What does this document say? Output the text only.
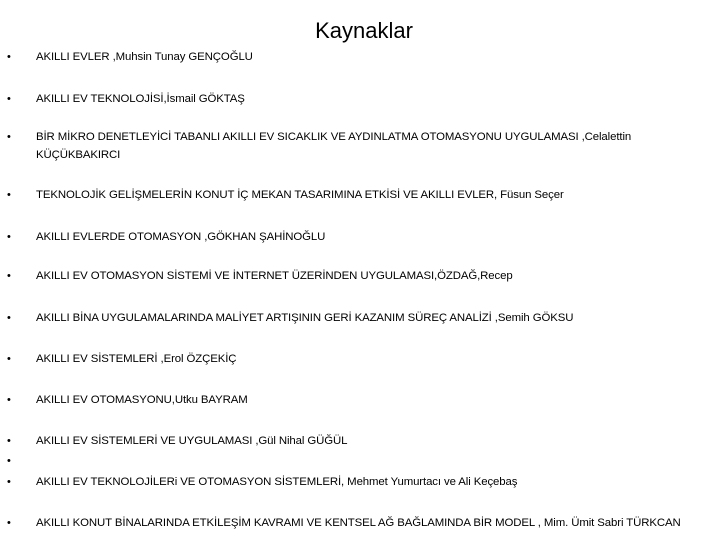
Kaynaklar
• AKILLI EVLER ,Muhsin Tunay GENÇOĞLU
• AKILLI EV TEKNOLOJİSİ,İsmail GÖKTAŞ
• BİR MİKRO DENETLEYİCİ TABANLI AKILLI EV SICAKLIK VE AYDINLATMA OTOMASYONU UYGULAMASI ,Celalettin KÜÇÜKBAKIRCI
• TEKNOLOJİK GELİŞMELERİN KONUT İÇ MEKAN TASARIMINA ETKİSİ VE AKILLI EVLER, Füsun Seçer
• AKILLI EVLERDE OTOMASYON ,GÖKHAN ŞAHİNOĞLU
• AKILLI EV OTOMASYON SİSTEMİ VE İNTERNET ÜZERİNDEN UYGULAMASI,ÖZDAĞ,Recep
• AKILLI BİNA UYGULAMALARINDA MALİYET ARTIŞININ GERİ KAZANIM SÜREÇ ANALİZİ ,Semih GÖKSU
• AKILLI EV SİSTEMLERİ ,Erol ÖZÇEKİÇ
• AKILLI EV OTOMASYONU,Utku BAYRAM
• AKILLI EV SİSTEMLERİ VE UYGULAMASI ,Gül Nihal GÜĞÜL
•
• AKILLI EV TEKNOLOJİLERi VE OTOMASYON SİSTEMLERİ, Mehmet Yumurtacı ve Ali Keçebaş
• AKILLI KONUT BİNALARINDA ETKİLEŞİM KAVRAMI VE KENTSEL AĞ BAĞLAMINDA BİR MODEL , Mim. Ümit Sabri TÜRKCAN
